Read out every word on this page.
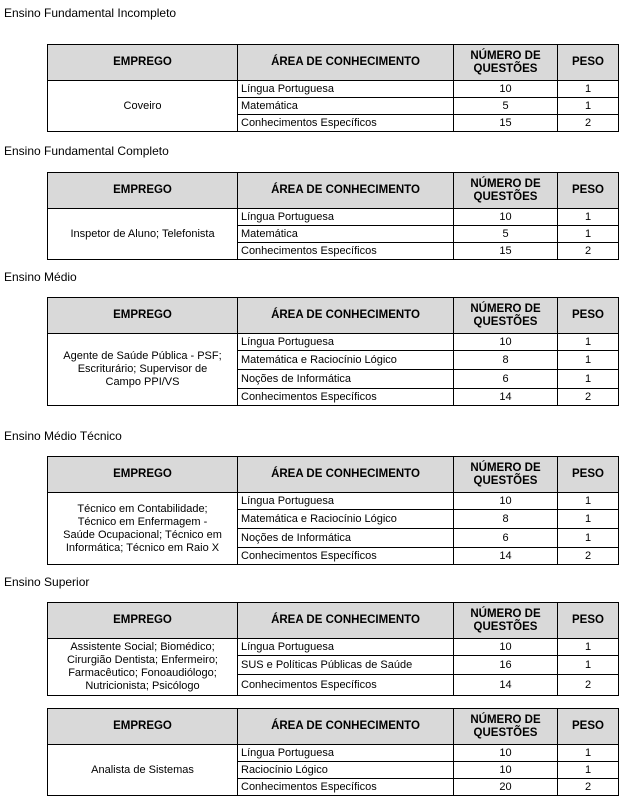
Ensino Fundamental Incompleto
EMPREGO	ÁREA DE CONHECIMENTO	NÚMERO DE
QUESTÕES	PESO

Coveiro	Língua Portuguesa	10	1
	Matemática	5	1
	Conhecimentos Específicos	15	2
Ensino Fundamental Completo
EMPREGO	ÁREA DE CONHECIMENTO	NÚMERO DE
QUESTÕES	PESO

Inspetor de Aluno; Telefonista	Língua Portuguesa	10	1
	Matemática	5	1
	Conhecimentos Específicos	15	2
Ensino Médio
EMPREGO	ÁREA DE CONHECIMENTO	NÚMERO DE
QUESTÕES	PESO

Agente de Saúde Pública - PSF;
Escriturário; Supervisor de
Campo PPI/VS	Língua Portuguesa	10	1
	Matemática e Raciocínio Lógico	8	1
	Noções de Informática	6	1
	Conhecimentos Específicos	14	2
Ensino Médio Técnico
EMPREGO	ÁREA DE CONHECIMENTO	NÚMERO DE
QUESTÕES	PESO

Técnico em Contabilidade;
Técnico em Enfermagem -
Saúde Ocupacional; Técnico em
Informática; Técnico em Raio X	Língua Portuguesa	10	1
	Matemática e Raciocínio Lógico	8	1
	Noções de Informática	6	1
	Conhecimentos Específicos	14	2
Ensino Superior
EMPREGO	ÁREA DE CONHECIMENTO	NÚMERO DE
QUESTÕES	PESO

Assistente Social; Biomédico;
Cirurgião Dentista; Enfermeiro;
Farmacêutico; Fonoaudiólogo;
Nutricionista; Psicólogo	Língua Portuguesa	10	1
	SUS e Políticas Públicas de Saúde	16	1
	Conhecimentos Específicos	14	2
EMPREGO	ÁREA DE CONHECIMENTO	NÚMERO DE
QUESTÕES	PESO

Analista de Sistemas	Língua Portuguesa	10	1
	Raciocínio Lógico	10	1
	Conhecimentos Específicos	20	2
